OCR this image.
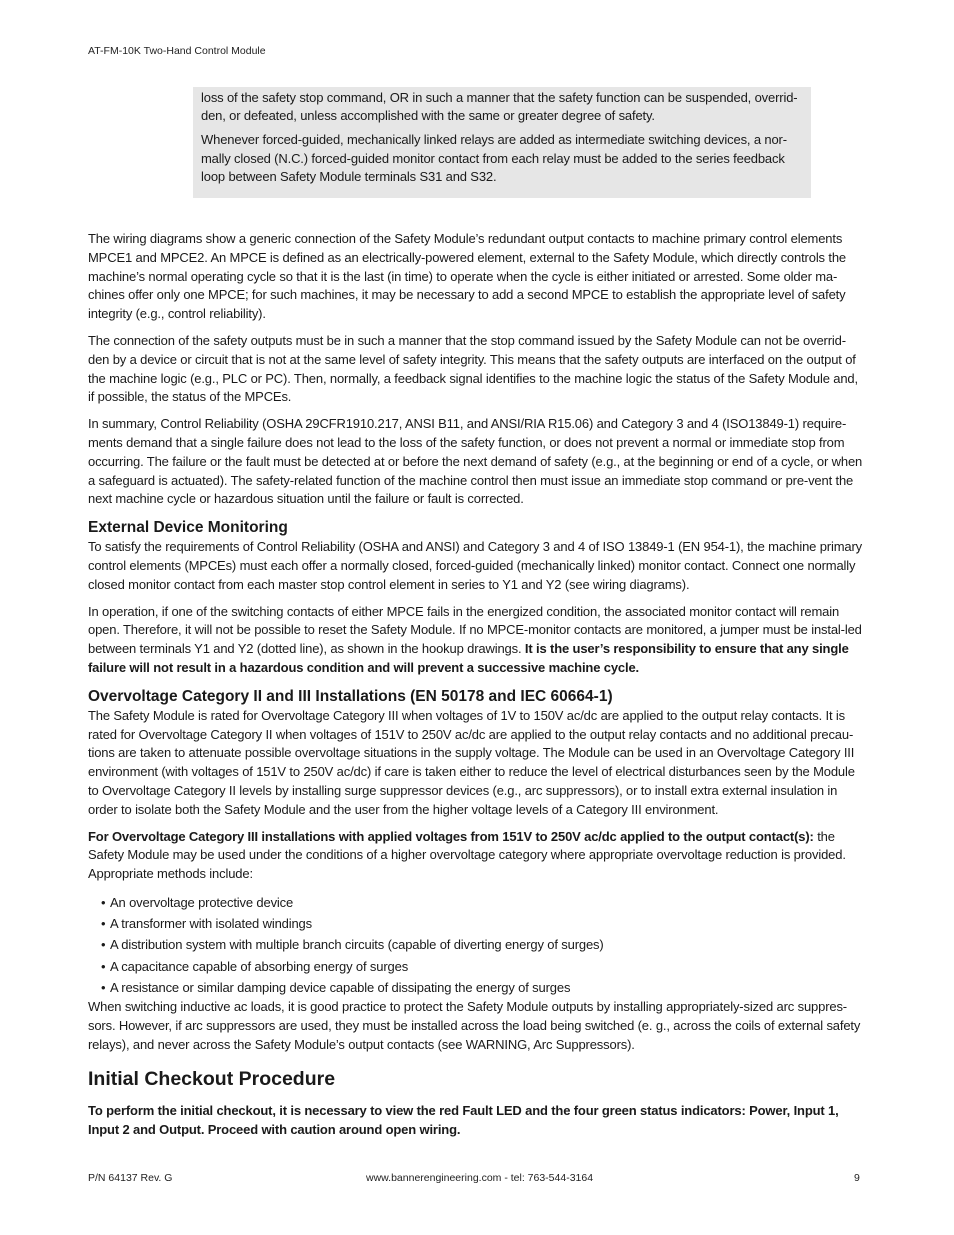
AT-FM-10K Two-Hand Control Module

loss of the safety stop command, OR in such a manner that the safety function can be suspended, overrid-den, or defeated, unless accomplished with the same or greater degree of safety.

Whenever forced-guided, mechanically linked relays are added as intermediate switching devices, a nor-mally closed (N.C.) forced-guided monitor contact from each relay must be added to the series feedback loop between Safety Module terminals S31 and S32.

The wiring diagrams show a generic connection of the Safety Module’s redundant output contacts to machine primary control elements MPCE1 and MPCE2. An MPCE is defined as an electrically-powered element, external to the Safety Module, which directly controls the machine’s normal operating cycle so that it is the last (in time) to operate when the cycle is either initiated or arrested. Some older ma-chines offer only one MPCE; for such machines, it may be necessary to add a second MPCE to establish the appropriate level of safety integrity (e.g., control reliability).

The connection of the safety outputs must be in such a manner that the stop command issued by the Safety Module can not be overrid-den by a device or circuit that is not at the same level of safety integrity. This means that the safety outputs are interfaced on the output of the machine logic (e.g., PLC or PC). Then, normally, a feedback signal identifies to the machine logic the status of the Safety Module and, if possible, the status of the MPCEs.

In summary, Control Reliability (OSHA 29CFR1910.217, ANSI B11, and ANSI/RIA R15.06) and Category 3 and 4 (ISO13849-1) require-ments demand that a single failure does not lead to the loss of the safety function, or does not prevent a normal or immediate stop from occurring. The failure or the fault must be detected at or before the next demand of safety (e.g., at the beginning or end of a cycle, or when a safeguard is actuated). The safety-related function of the machine control then must issue an immediate stop command or pre-vent the next machine cycle or hazardous situation until the failure or fault is corrected.

External Device Monitoring

To satisfy the requirements of Control Reliability (OSHA and ANSI) and Category 3 and 4 of ISO 13849-1 (EN 954-1), the machine primary control elements (MPCEs) must each offer a normally closed, forced-guided (mechanically linked) monitor contact. Connect one normally closed monitor contact from each master stop control element in series to Y1 and Y2 (see wiring diagrams).

In operation, if one of the switching contacts of either MPCE fails in the energized condition, the associated monitor contact will remain open. Therefore, it will not be possible to reset the Safety Module. If no MPCE-monitor contacts are monitored, a jumper must be instal-led between terminals Y1 and Y2 (dotted line), as shown in the hookup drawings. It is the user’s responsibility to ensure that any single failure will not result in a hazardous condition and will prevent a successive machine cycle.

Overvoltage Category II and III Installations (EN 50178 and IEC 60664-1)

The Safety Module is rated for Overvoltage Category III when voltages of 1V to 150V ac/dc are applied to the output relay contacts. It is rated for Overvoltage Category II when voltages of 151V to 250V ac/dc are applied to the output relay contacts and no additional precau-tions are taken to attenuate possible overvoltage situations in the supply voltage. The Module can be used in an Overvoltage Category III environment (with voltages of 151V to 250V ac/dc) if care is taken either to reduce the level of electrical disturbances seen by the Module to Overvoltage Category II levels by installing surge suppressor devices (e.g., arc suppressors), or to install extra external insulation in order to isolate both the Safety Module and the user from the higher voltage levels of a Category III environment.

For Overvoltage Category III installations with applied voltages from 151V to 250V ac/dc applied to the output contact(s): the Safety Module may be used under the conditions of a higher overvoltage category where appropriate overvoltage reduction is provided. Appropriate methods include:

• An overvoltage protective device
• A transformer with isolated windings
• A distribution system with multiple branch circuits (capable of diverting energy of surges)
• A capacitance capable of absorbing energy of surges
• A resistance or similar damping device capable of dissipating the energy of surges

When switching inductive ac loads, it is good practice to protect the Safety Module outputs by installing appropriately-sized arc suppres-sors. However, if arc suppressors are used, they must be installed across the load being switched (e. g., across the coils of external safety relays), and never across the Safety Module’s output contacts (see WARNING, Arc Suppressors).

Initial Checkout Procedure

To perform the initial checkout, it is necessary to view the red Fault LED and the four green status indicators: Power, Input 1, Input 2 and Output. Proceed with caution around open wiring.

P/N 64137 Rev. G	www.bannerengineering.com - tel: 763-544-3164	9
